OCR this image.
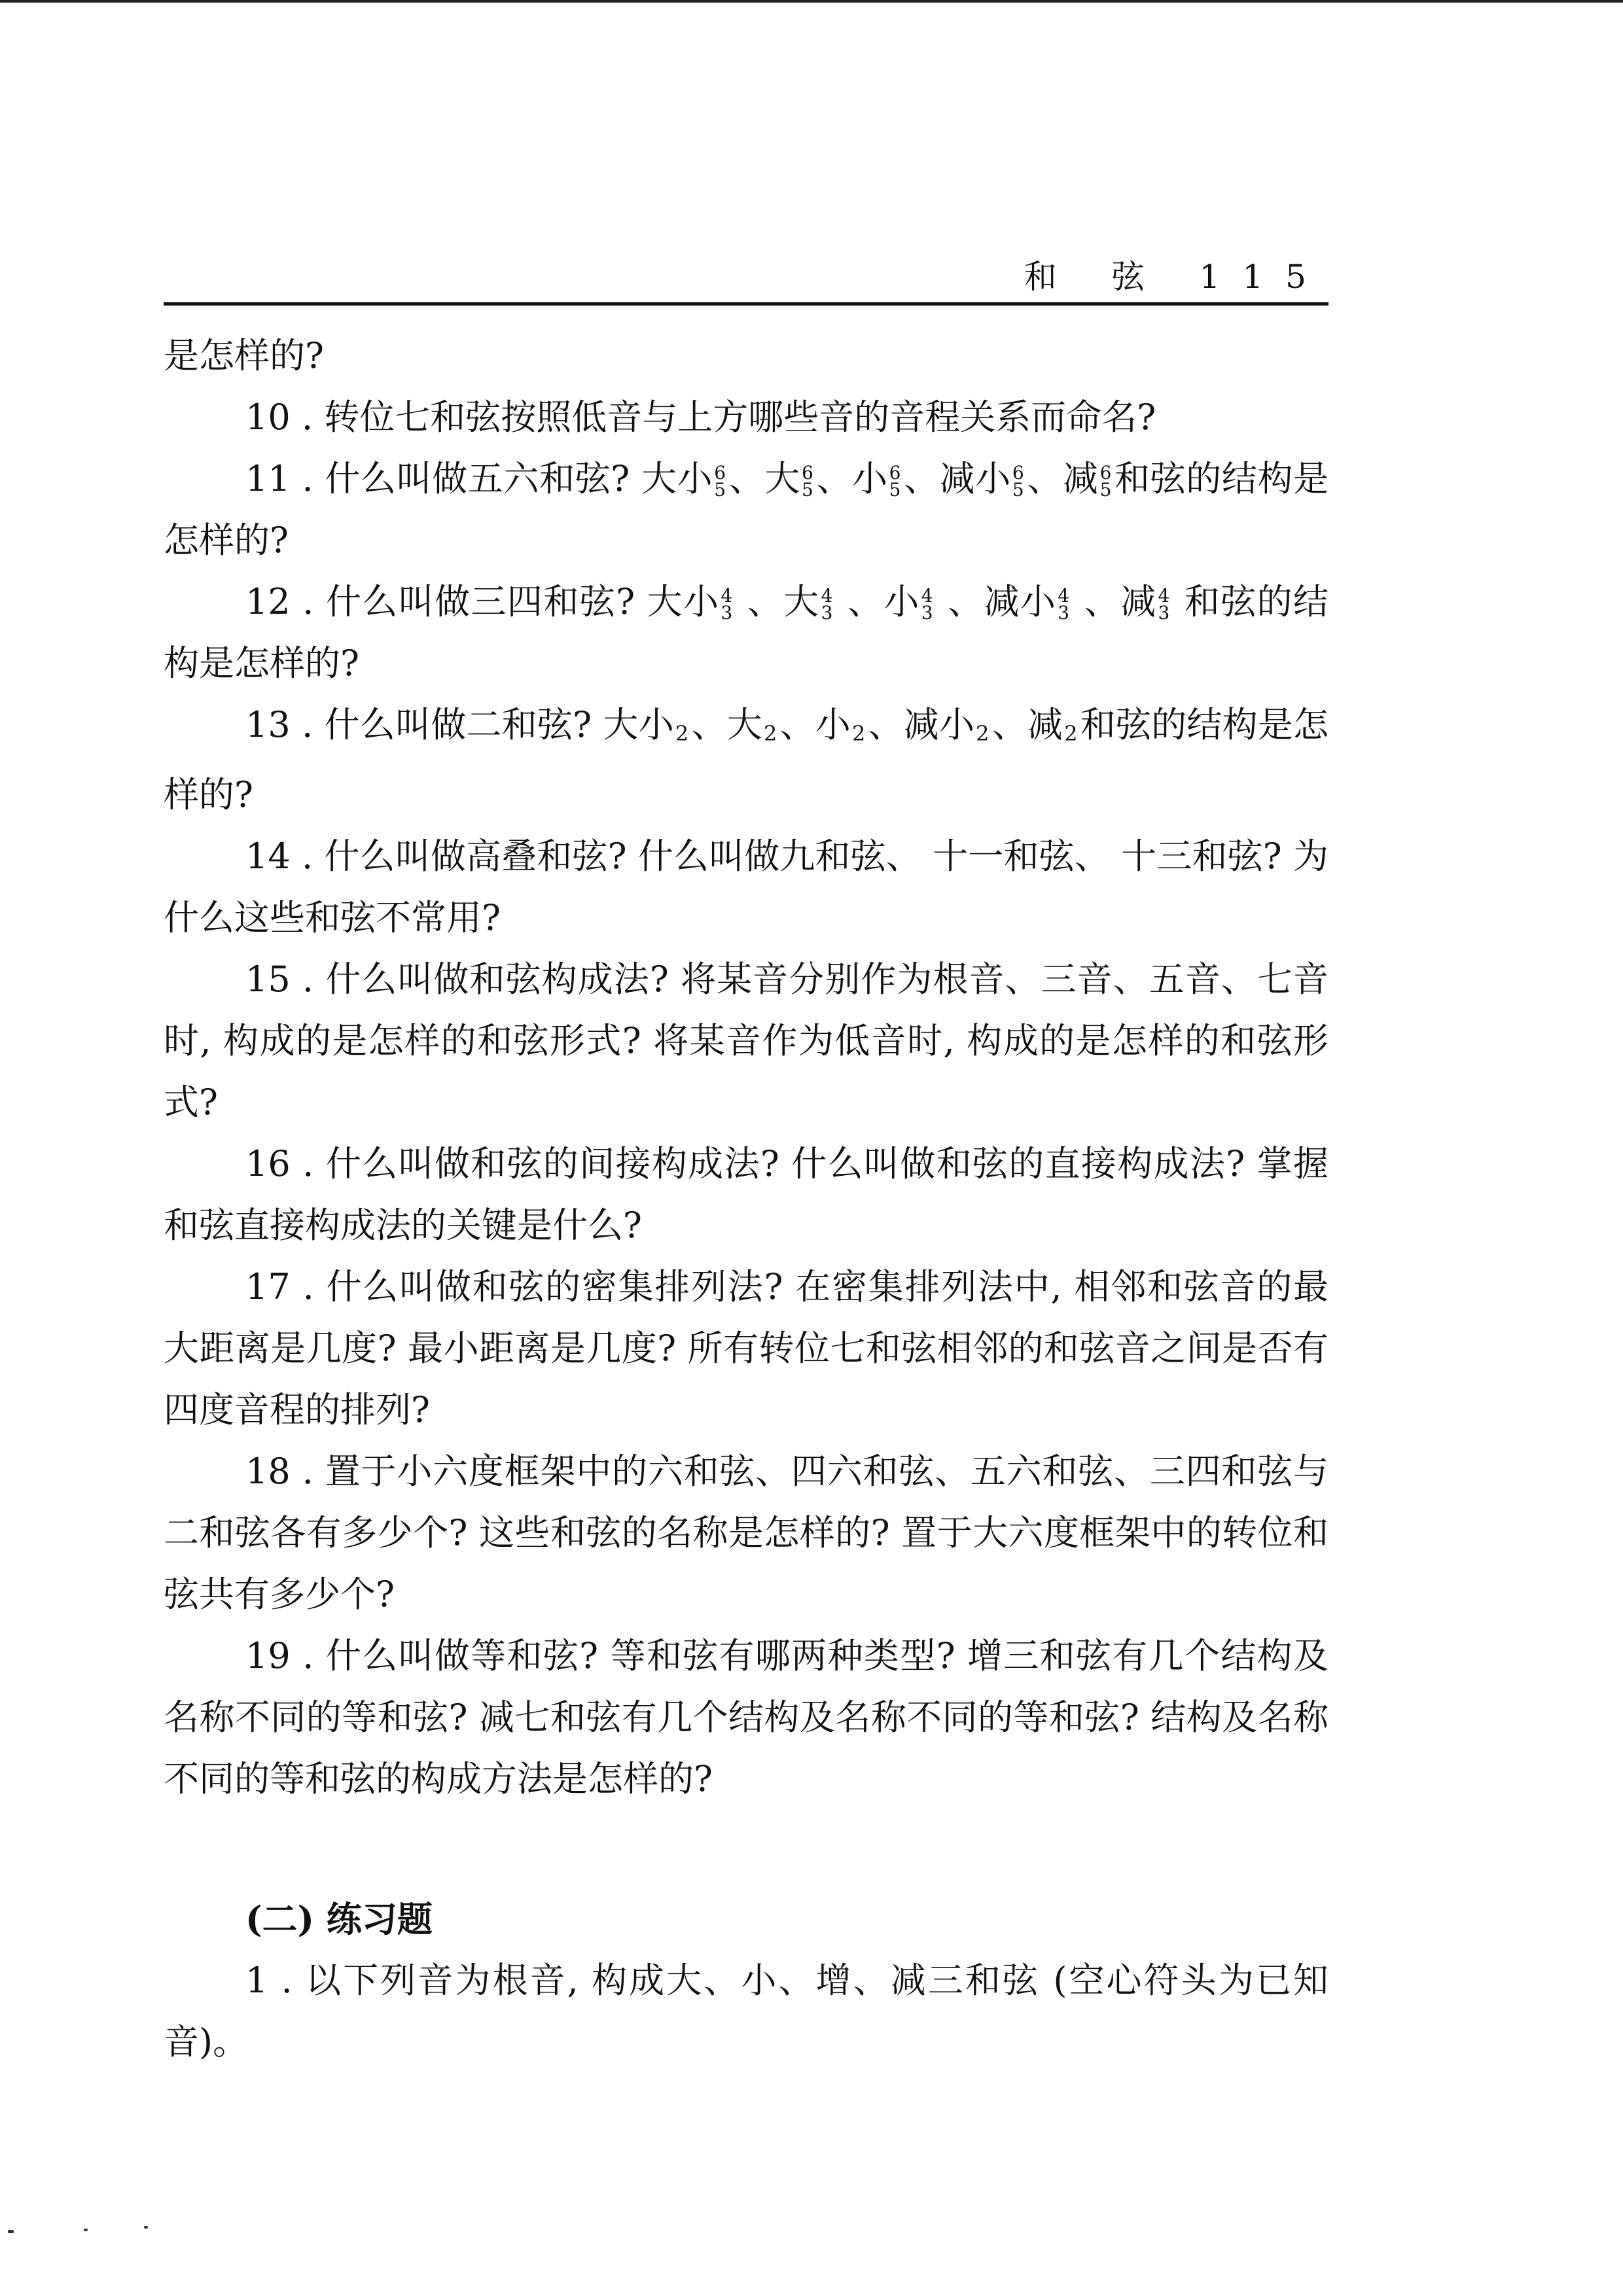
和 弦 115

是怎样的?

10 . 转位七和弦按照低音与上方哪些音的音程关系而命名?

11 . 什么叫做五六和弦? 大小 6
5 、大 6
5 、小 6
5 、减小 6
5 、减 6
5 和弦的结构是怎样的?

12 . 什么叫做三四和弦? 大小 4
3 、大 4
3 、小 4
3 、减小 4
3 、减 4
3 和弦的结构是怎样的?

13 . 什么叫做二和弦? 大小2、大2、小2、减小2、减2和弦的结构是怎样的?

14 . 什么叫做高叠和弦? 什么叫做九和弦、 十一和弦、 十三和弦? 为什么这些和弦不常用?

15 . 什么叫做和弦构成法? 将某音分别作为根音、三音、五音、七音时, 构成的是怎样的和弦形式? 将某音作为低音时, 构成的是怎样的和弦形式?

16 . 什么叫做和弦的间接构成法? 什么叫做和弦的直接构成法? 掌握和弦直接构成法的关键是什么?

17 . 什么叫做和弦的密集排列法? 在密集排列法中, 相邻和弦音的最大距离是几度? 最小距离是几度? 所有转位七和弦相邻的和弦音之间是否有四度音程的排列?

18 . 置于小六度框架中的六和弦、四六和弦、五六和弦、三四和弦与二和弦各有多少个? 这些和弦的名称是怎样的? 置于大六度框架中的转位和弦共有多少个?

19 . 什么叫做等和弦? 等和弦有哪两种类型? 增三和弦有几个结构及名称不同的等和弦? 减七和弦有几个结构及名称不同的等和弦? 结构及名称不同的等和弦的构成方法是怎样的?

(二) 练习题

1 . 以下列音为根音, 构成大、小、增、减三和弦 (空心符头为已知音)。
